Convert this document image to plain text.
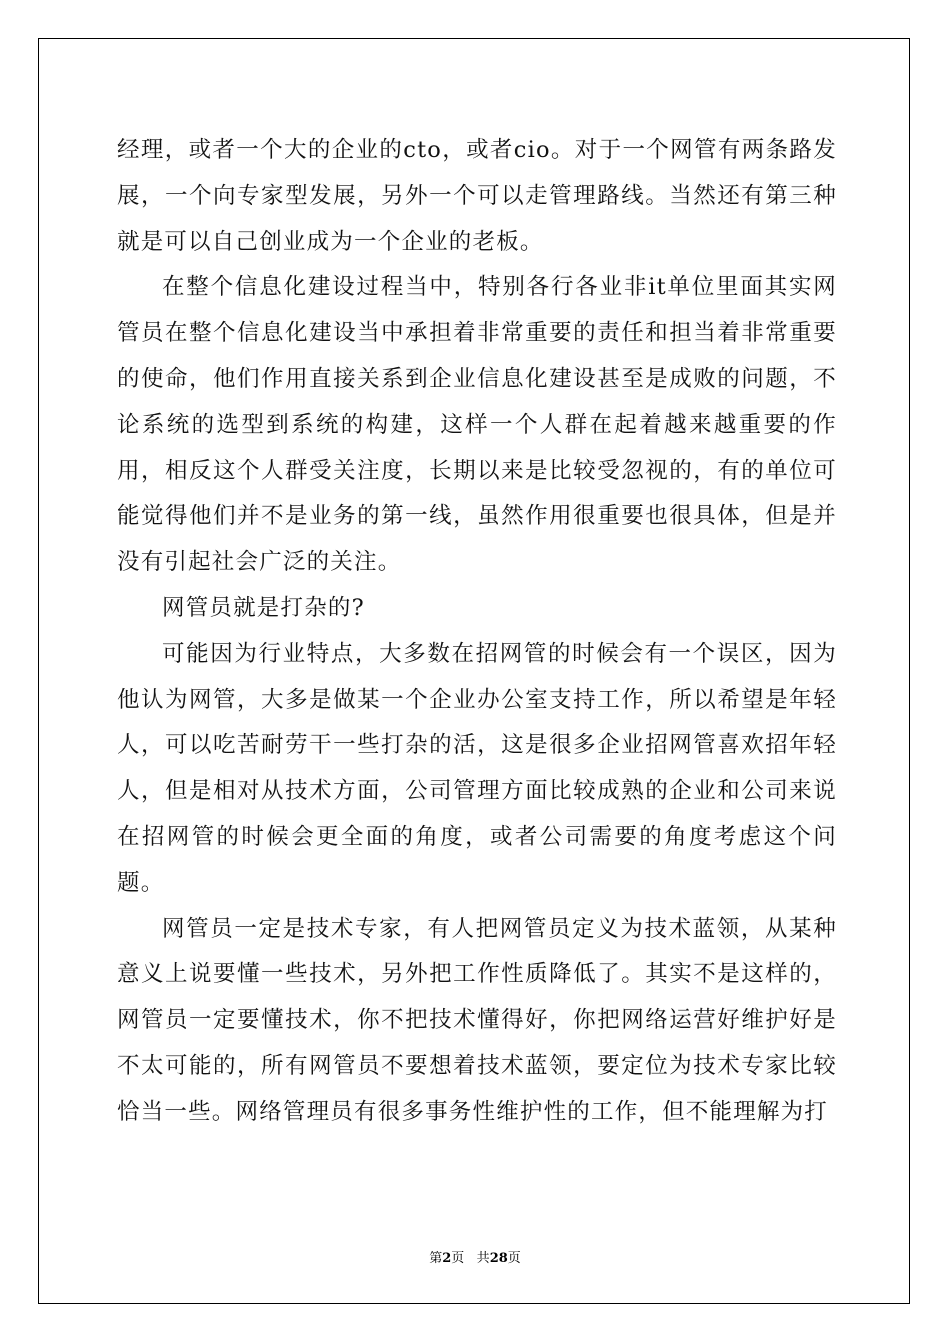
经理，或者一个大的企业的cto，或者cio。对于一个网管有两条路发展，一个向专家型发展，另外一个可以走管理路线。当然还有第三种就是可以自己创业成为一个企业的老板。

在整个信息化建设过程当中，特别各行各业非it单位里面其实网管员在整个信息化建设当中承担着非常重要的责任和担当着非常重要的使命，他们作用直接关系到企业信息化建设甚至是成败的问题，不论系统的选型到系统的构建，这样一个人群在起着越来越重要的作用，相反这个人群受关注度，长期以来是比较受忽视的，有的单位可能觉得他们并不是业务的第一线，虽然作用很重要也很具体，但是并没有引起社会广泛的关注。

网管员就是打杂的?

可能因为行业特点，大多数在招网管的时候会有一个误区，因为他认为网管，大多是做某一个企业办公室支持工作，所以希望是年轻人，可以吃苦耐劳干一些打杂的活，这是很多企业招网管喜欢招年轻人，但是相对从技术方面，公司管理方面比较成熟的企业和公司来说在招网管的时候会更全面的角度，或者公司需要的角度考虑这个问题。

网管员一定是技术专家，有人把网管员定义为技术蓝领，从某种意义上说要懂一些技术，另外把工作性质降低了。其实不是这样的，网管员一定要懂技术，你不把技术懂得好，你把网络运营好维护好是不太可能的，所有网管员不要想着技术蓝领，要定位为技术专家比较恰当一些。网络管理员有很多事务性维护性的工作，但不能理解为打

第2页 共28页
